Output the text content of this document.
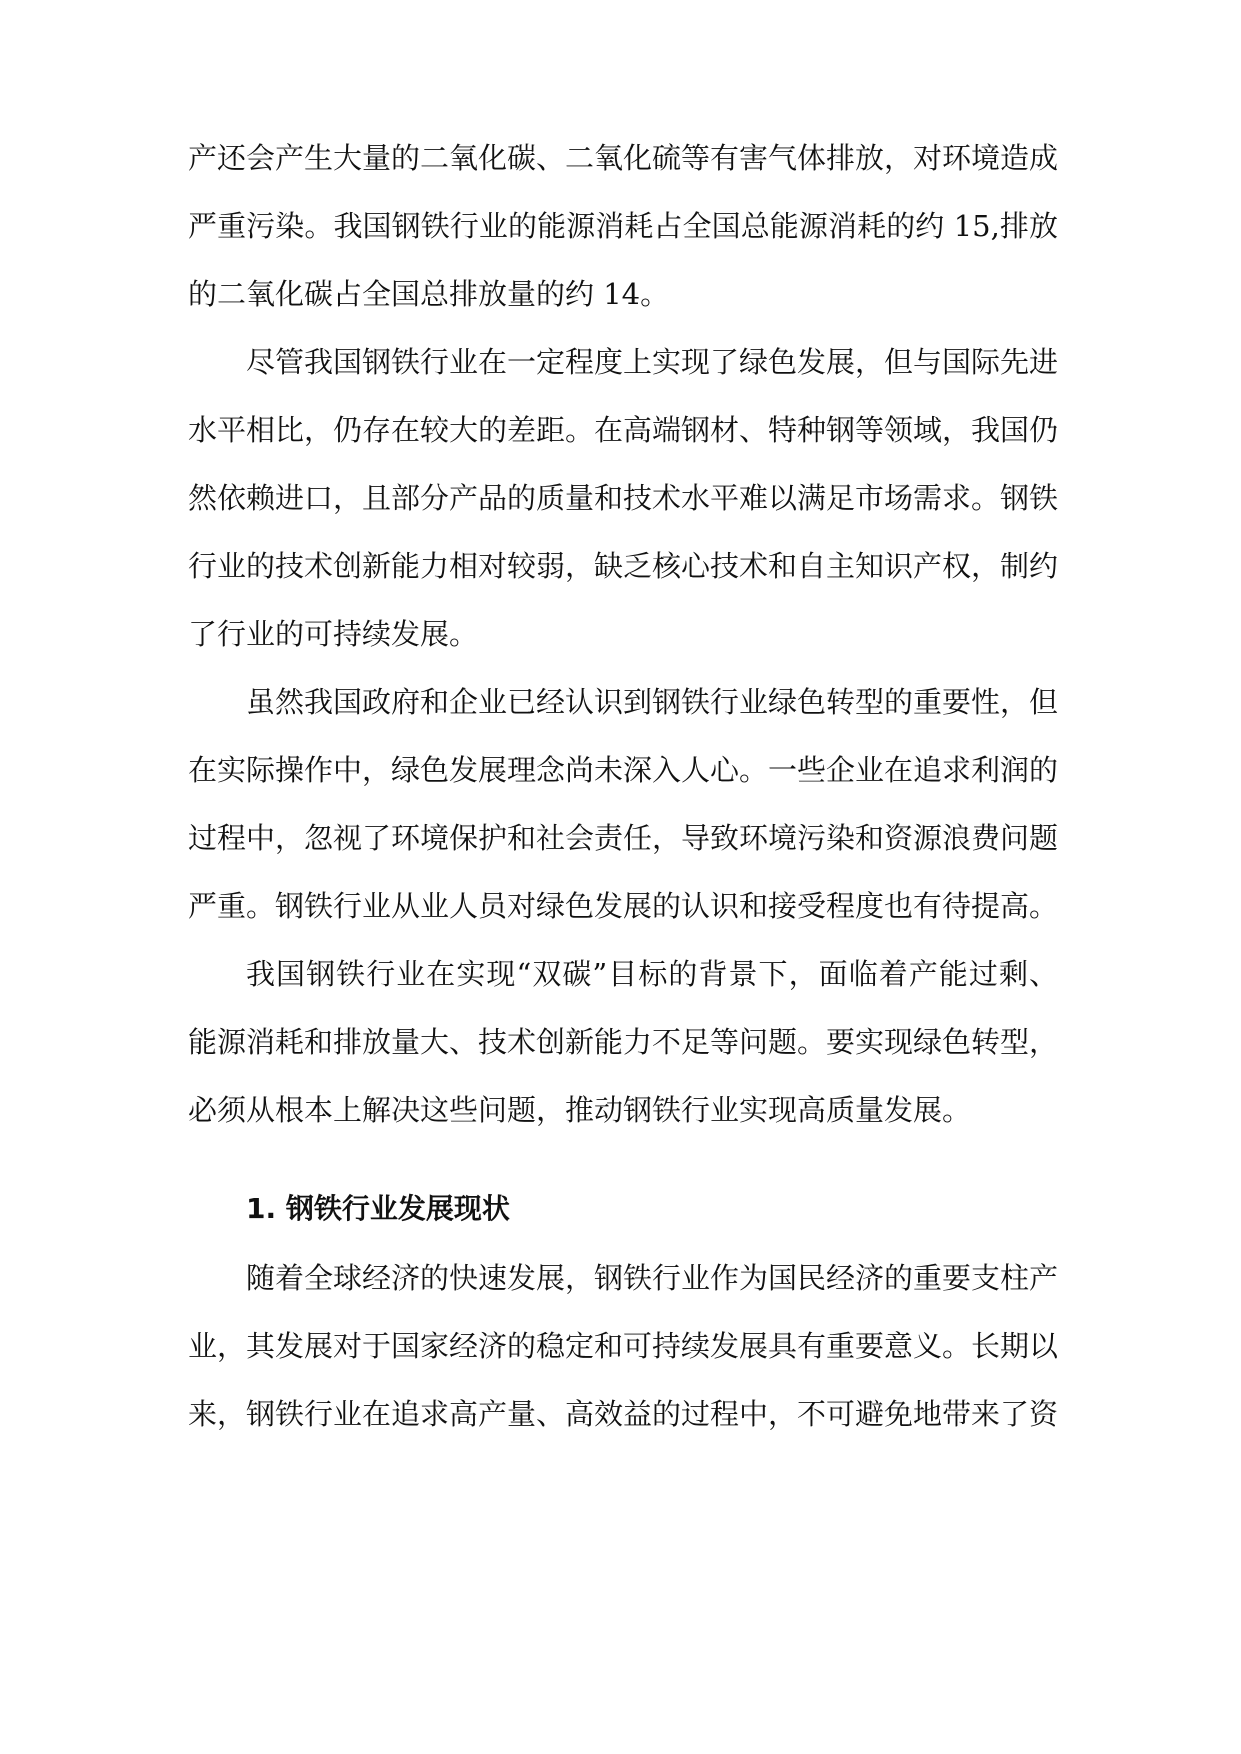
产还会产生大量的二氧化碳、二氧化硫等有害气体排放，对环境造成
严重污染。我国钢铁行业的能源消耗占全国总能源消耗的约 15,排放
的二氧化碳占全国总排放量的约 14。
尽管我国钢铁行业在一定程度上实现了绿色发展，但与国际先进
水平相比，仍存在较大的差距。在高端钢材、特种钢等领域，我国仍
然依赖进口，且部分产品的质量和技术水平难以满足市场需求。钢铁
行业的技术创新能力相对较弱，缺乏核心技术和自主知识产权，制约
了行业的可持续发展。
虽然我国政府和企业已经认识到钢铁行业绿色转型的重要性，但
在实际操作中，绿色发展理念尚未深入人心。一些企业在追求利润的
过程中，忽视了环境保护和社会责任，导致环境污染和资源浪费问题
严重。钢铁行业从业人员对绿色发展的认识和接受程度也有待提高。
我国钢铁行业在实现“双碳”目标的背景下，面临着产能过剩、
能源消耗和排放量大、技术创新能力不足等问题。要实现绿色转型，
必须从根本上解决这些问题，推动钢铁行业实现高质量发展。
1. 钢铁行业发展现状
随着全球经济的快速发展，钢铁行业作为国民经济的重要支柱产
业，其发展对于国家经济的稳定和可持续发展具有重要意义。长期以
来，钢铁行业在追求高产量、高效益的过程中，不可避免地带来了资
